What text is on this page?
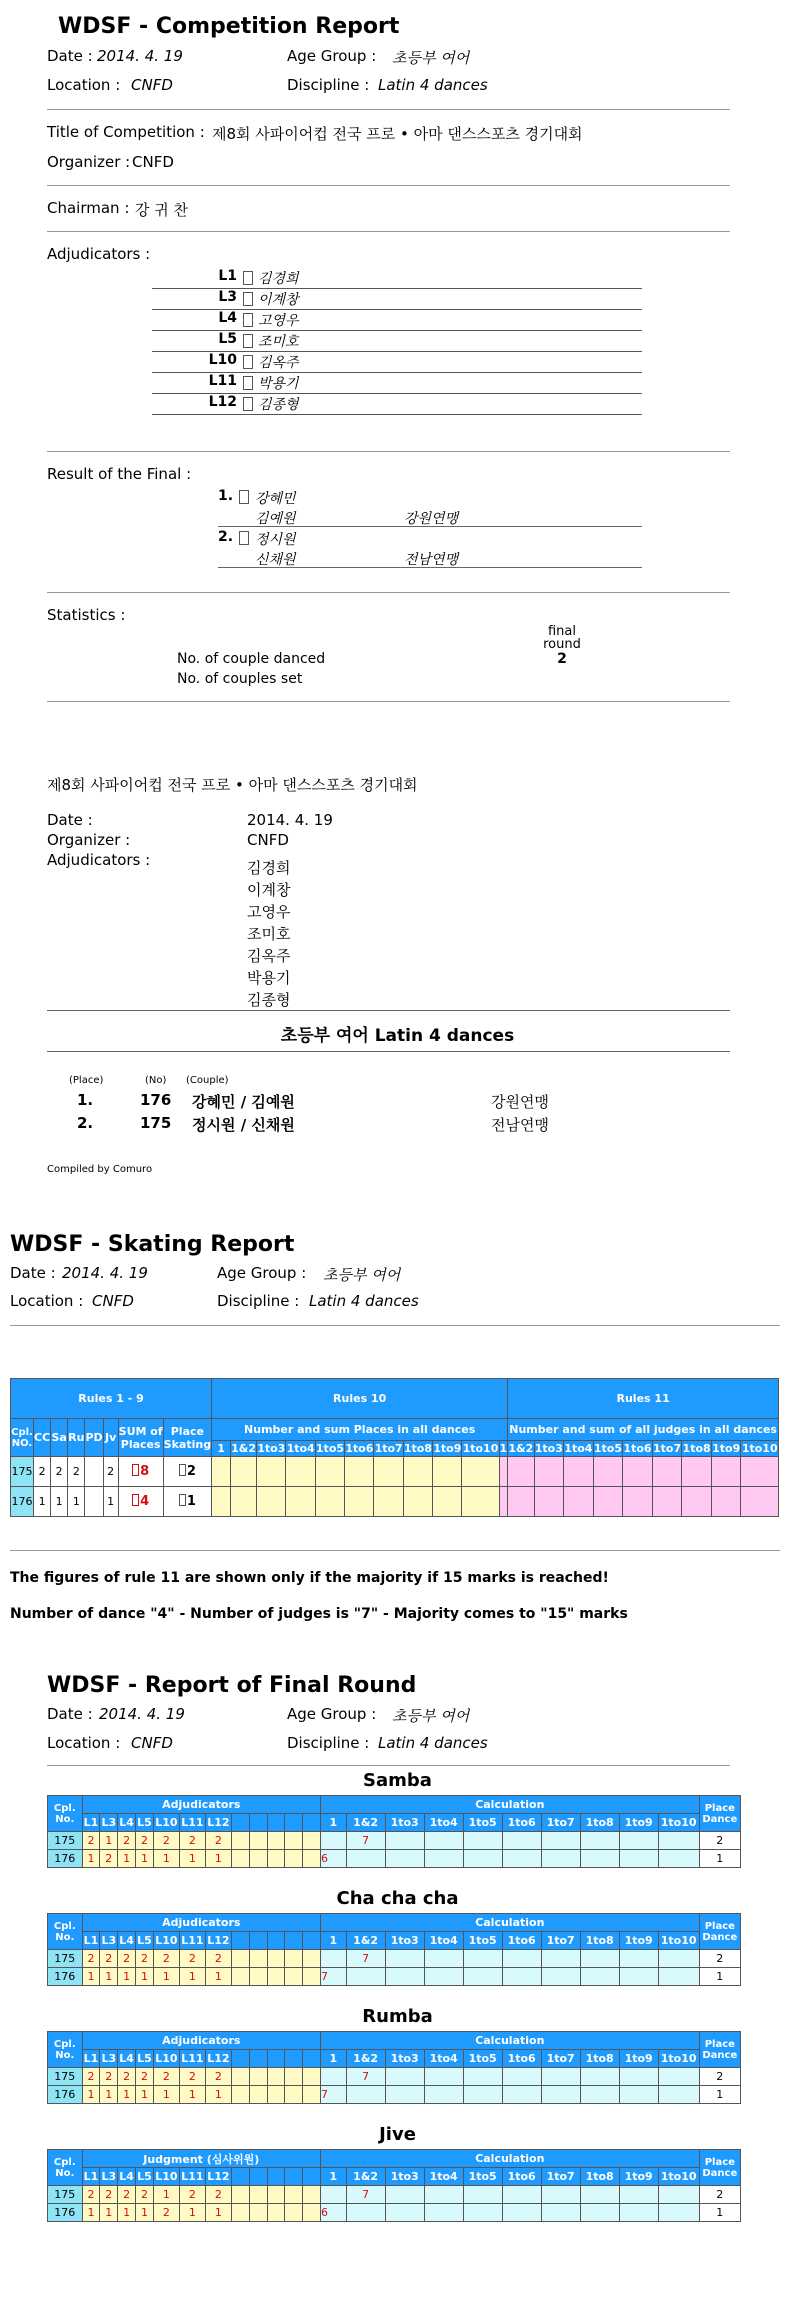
WDSF - Competition Report
Date : 2014. 4. 19	Age Group : 초등부 여어
Location : CNFD	Discipline : Latin 4 dances
Title of Competition : 제8회 사파이어컵 전국 프로 • 아마 댄스스포츠 경기대회
Organizer : CNFD
Chairman : 강 귀 찬
Adjudicators :
L1 김경희
L3 이계창
L4 고영우
L5 조미호
L10 김옥주
L11 박용기
L12 김종형
Result of the Final :
1. 강혜민
김예원	강원연맹
2. 정시원
신채원	전남연맹
Statistics :
final
round
No. of couple danced	2
No. of couples set
제8회 사파이어컵 전국 프로 • 아마 댄스스포츠 경기대회
Date :	2014. 4. 19
Organizer :	CNFD
Adjudicators :	김경희
이계창
고영우
조미호
김옥주
박용기
김종형
초등부 여어 Latin 4 dances
(Place)	(No) (Couple)
1.	176 강혜민 / 김예원	강원연맹
2.	175 정시원 / 신채원	전남연맹
Compiled by Comuro
WDSF - Skating Report
Date : 2014. 4. 19	Age Group : 초등부 여어
Location : CNFD	Discipline : Latin 4 dances
Rules 1 - 9								Rules 10											Rules 11								
Cpl. NO.	CC	Sa	Ru	PD	Jv	SUM of Places	Place Skating	Number and sum Places in all dances											Number and sum of all judges in all dances								
								1	1&2	1to3	1to4	1to5	1to6	1to7	1to8	1to9	1to10	1	1&2	1to3	1to4	1to5	1to6	1to7	1to8	1to9	1to10
175	2	2	2		2	8	2																				
176	1	1	1		1	4	1																				
The figures of rule 11 are shown only if the majority if 15 marks is reached!
Number of dance "4" - Number of judges is "7" - Majority comes to "15" marks
WDSF - Report of Final Round
Date : 2014. 4. 19	Age Group : 초등부 여어
Location : CNFD	Discipline : Latin 4 dances
Samba
Cpl. No.	Adjudicators												Calculation										Place Dance
	L1	L3	L4	L5	L10	L11	L12						1	1&2	1to3	1to4	1to5	1to6	1to7	1to8	1to9	1to10	
175	2	1	2	2	2	2	2							7									2
176	1	2	1	1	1	1	1						6										1
Cha cha cha
Cpl. No.	Adjudicators												Calculation										Place Dance
	L1	L3	L4	L5	L10	L11	L12						1	1&2	1to3	1to4	1to5	1to6	1to7	1to8	1to9	1to10	
175	2	2	2	2	2	2	2							7									2
176	1	1	1	1	1	1	1						7										1
Rumba
Cpl. No.	Adjudicators												Calculation										Place Dance
	L1	L3	L4	L5	L10	L11	L12						1	1&2	1to3	1to4	1to5	1to6	1to7	1to8	1to9	1to10	
175	2	2	2	2	2	2	2							7									2
176	1	1	1	1	1	1	1						7										1
Jive
Cpl. No.	Judgment (심사위원)												Calculation										Place Dance
	L1	L3	L4	L5	L10	L11	L12						1	1&2	1to3	1to4	1to5	1to6	1to7	1to8	1to9	1to10	
175	2	2	2	2	1	2	2							7									2
176	1	1	1	1	2	1	1						6										1
